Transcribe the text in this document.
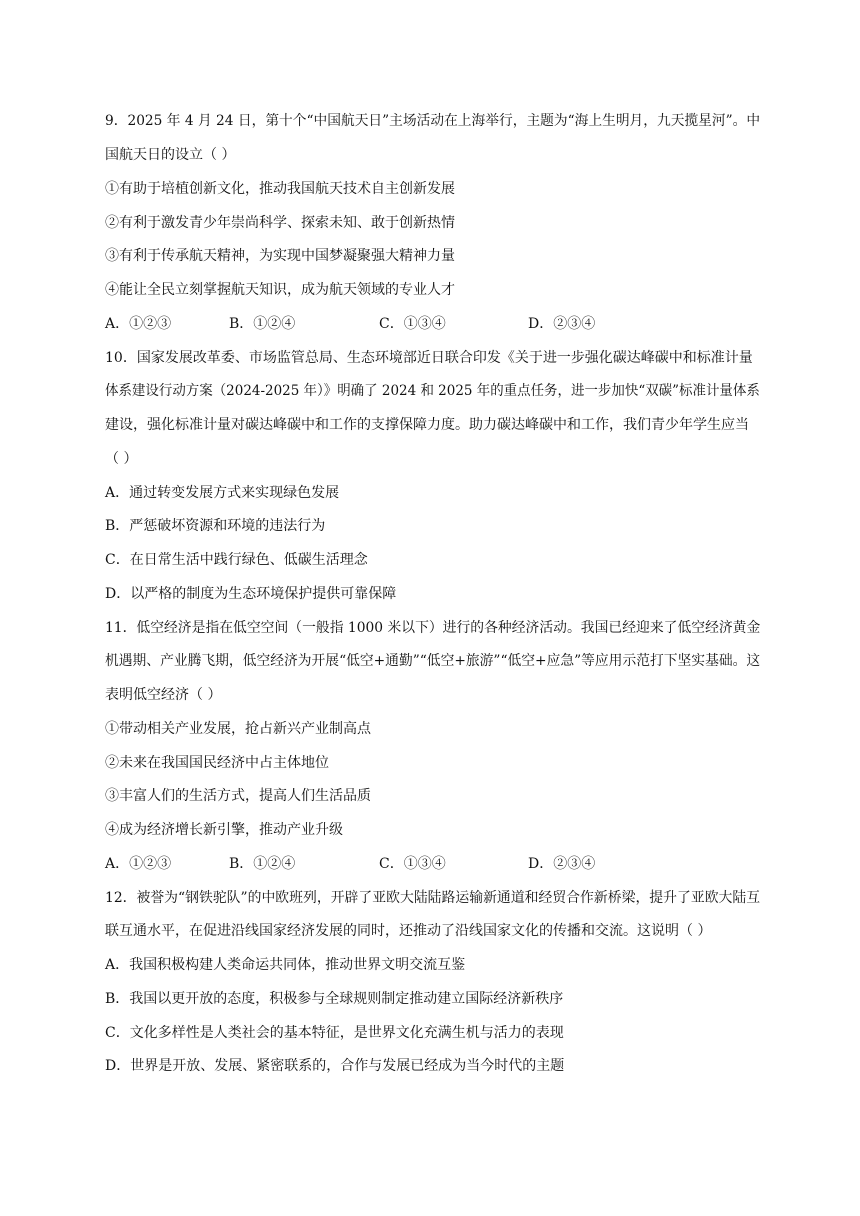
9．2025 年 4 月 24 日，第十个“中国航天日”主场活动在上海举行，主题为“海上生明月，九天揽星河”。中
国航天日的设立（ ）
①有助于培植创新文化，推动我国航天技术自主创新发展
②有利于激发青少年崇尚科学、探索未知、敢于创新热情
③有利于传承航天精神，为实现中国梦凝聚强大精神力量
④能让全民立刻掌握航天知识，成为航天领域的专业人才
A．①②③	B．①②④	C．①③④	D．②③④
10．国家发展改革委、市场监管总局、生态环境部近日联合印发《关于进一步强化碳达峰碳中和标准计量
体系建设行动方案（2024-2025 年）》明确了 2024 和 2025 年的重点任务，进一步加快“双碳”标准计量体系
建设，强化标准计量对碳达峰碳中和工作的支撑保障力度。助力碳达峰碳中和工作，我们青少年学生应当
（ ）
A．通过转变发展方式来实现绿色发展
B．严惩破坏资源和环境的违法行为
C．在日常生活中践行绿色、低碳生活理念
D．以严格的制度为生态环境保护提供可靠保障
11．低空经济是指在低空空间（一般指 1000 米以下）进行的各种经济活动。我国已经迎来了低空经济黄金
机遇期、产业腾飞期，低空经济为开展“低空+通勤”“低空+旅游”“低空+应急”等应用示范打下坚实基础。这
表明低空经济（ ）
①带动相关产业发展，抢占新兴产业制高点
②未来在我国国民经济中占主体地位
③丰富人们的生活方式，提高人们生活品质
④成为经济增长新引擎，推动产业升级
A．①②③	B．①②④	C．①③④	D．②③④
12．被誉为“钢铁驼队”的中欧班列，开辟了亚欧大陆陆路运输新通道和经贸合作新桥梁，提升了亚欧大陆互
联互通水平，在促进沿线国家经济发展的同时，还推动了沿线国家文化的传播和交流。这说明（ ）
A．我国积极构建人类命运共同体，推动世界文明交流互鉴
B．我国以更开放的态度，积极参与全球规则制定推动建立国际经济新秩序
C．文化多样性是人类社会的基本特征，是世界文化充满生机与活力的表现
D．世界是开放、发展、紧密联系的，合作与发展已经成为当今时代的主题
